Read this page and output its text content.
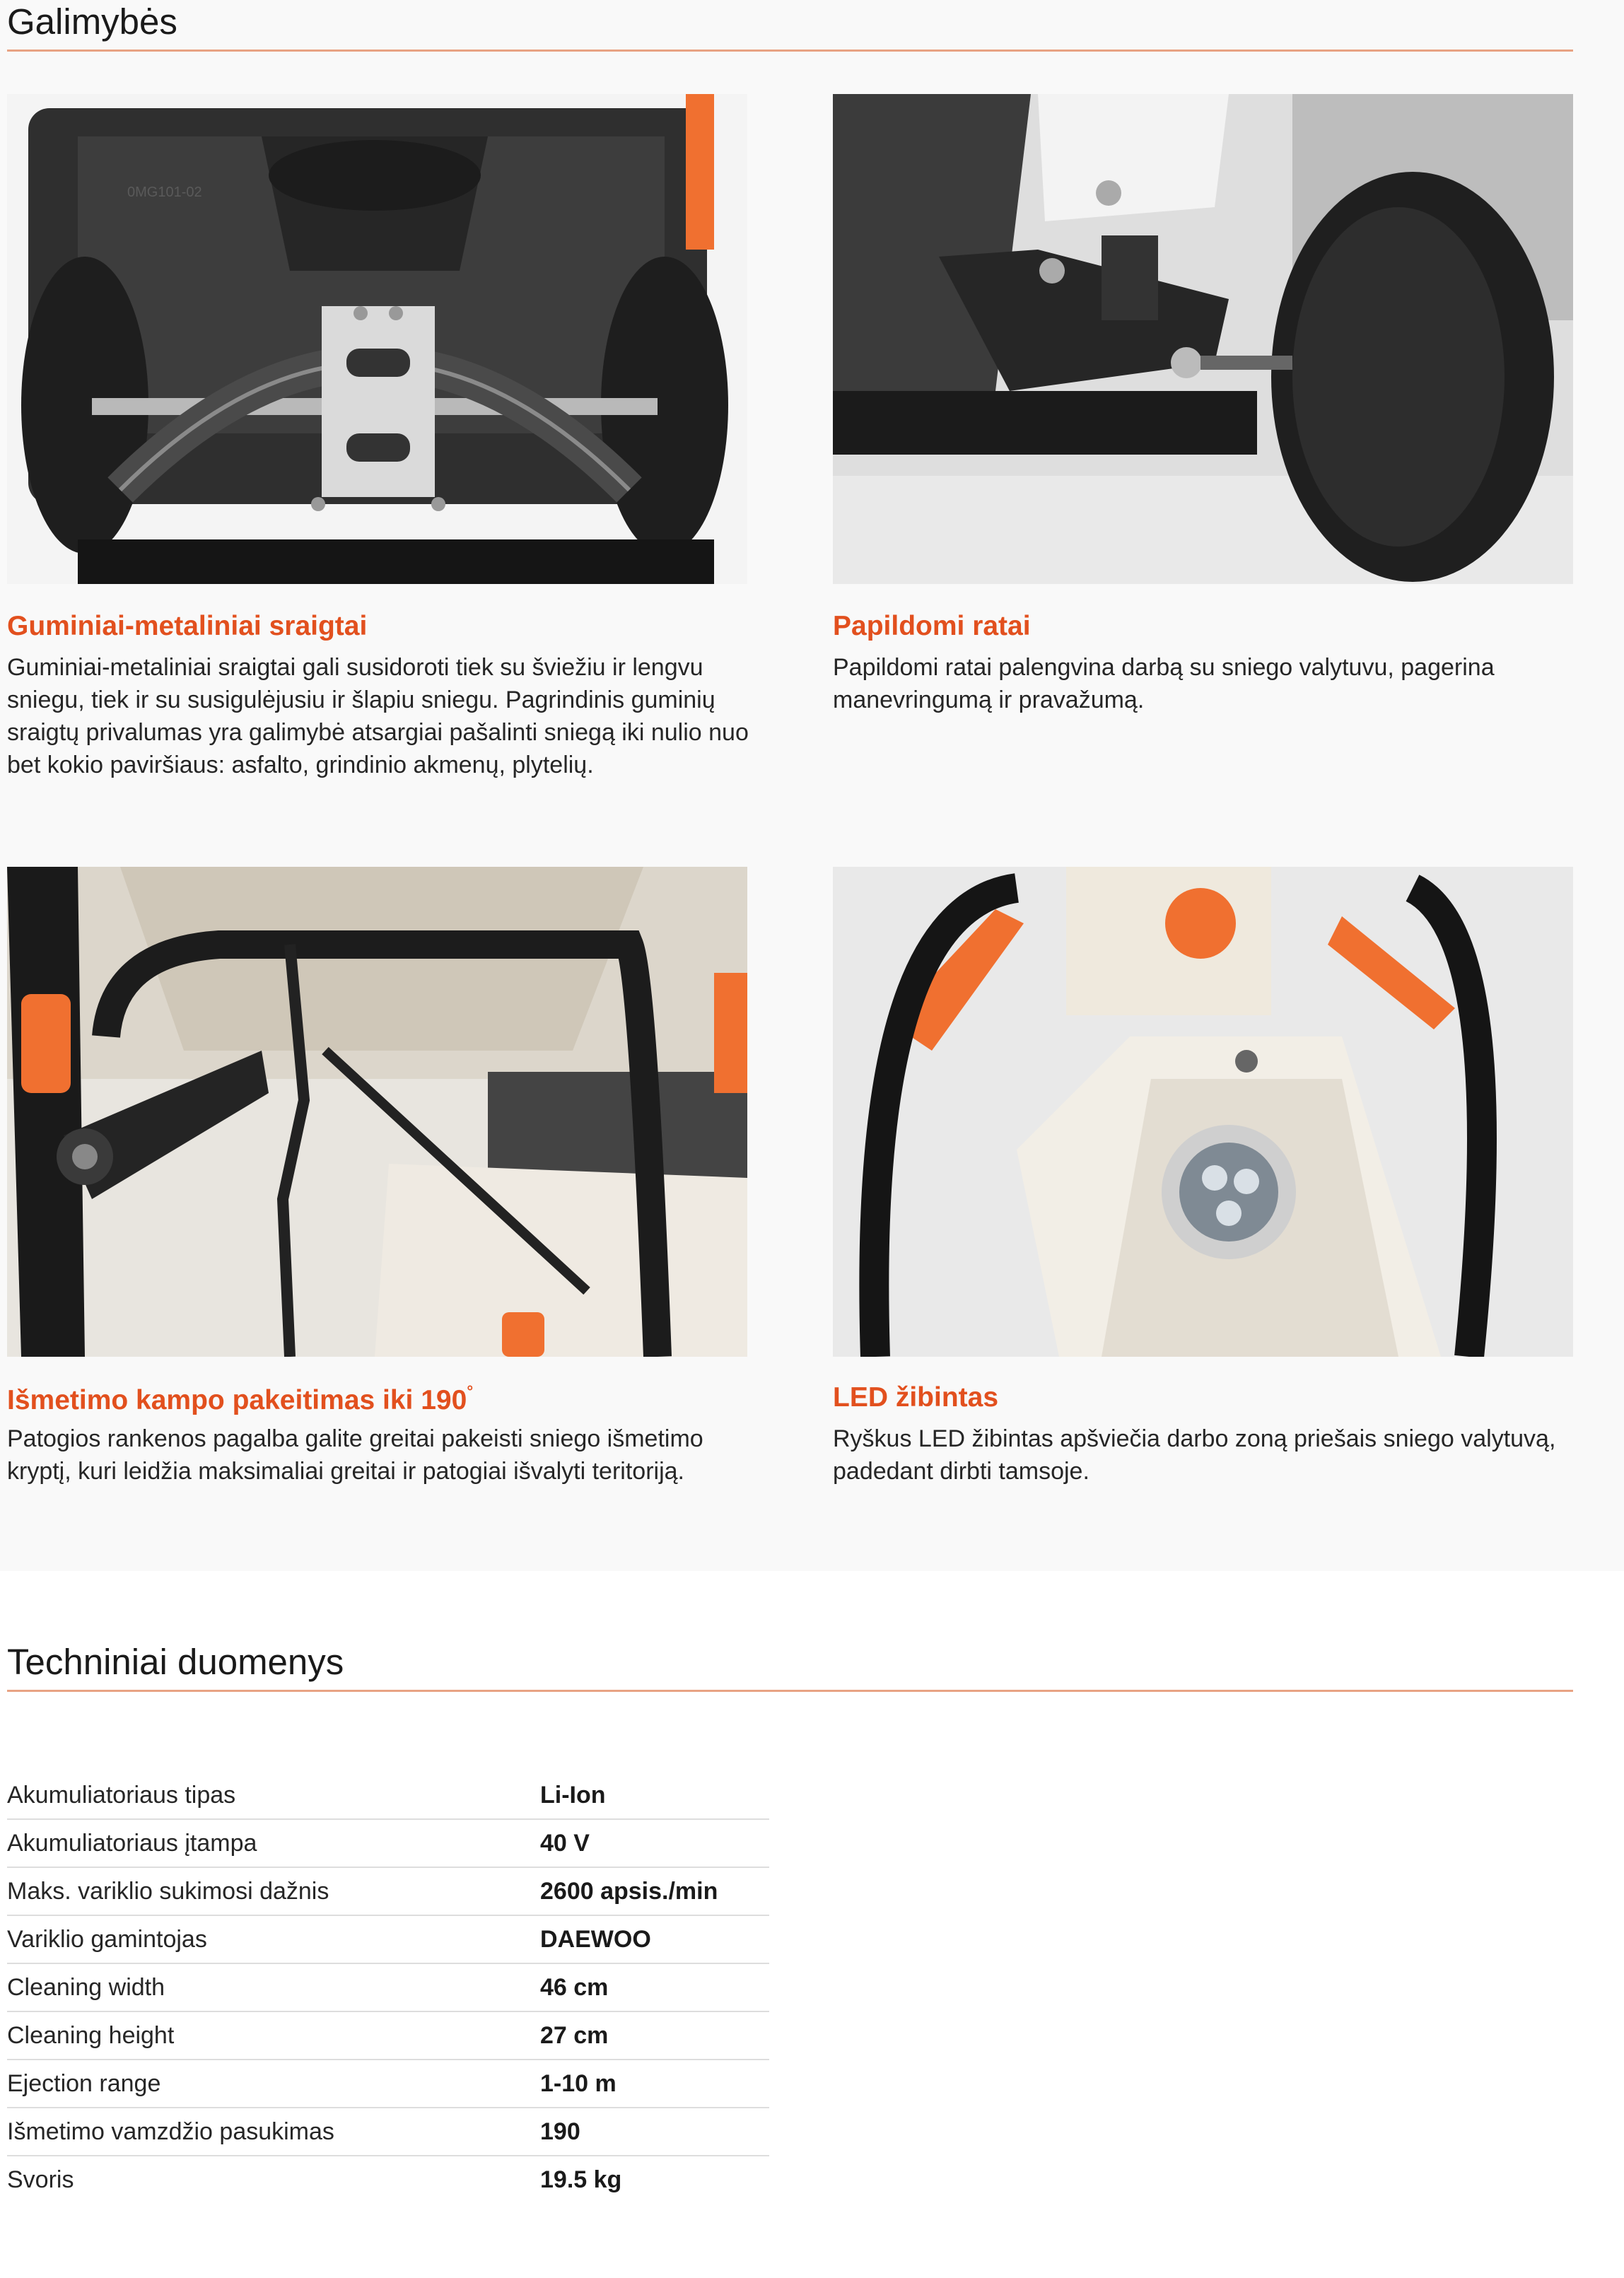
Galimybės
0MG101-02
Guminiai-metaliniai sraigtai

Guminiai-metaliniai sraigtai gali susidoroti tiek su šviežiu ir lengvu sniegu, tiek ir su susigulėjusiu ir šlapiu sniegu. Pagrindinis guminių sraigtų privalumas yra galimybė atsargiai pašalinti sniegą iki nulio nuo bet kokio paviršiaus: asfalto, grindinio akmenų, plytelių.

Papildomi ratai

Papildomi ratai palengvina darbą su sniego valytuvu, pagerina manevringumą ir pravažumą.

Išmetimo kampo pakeitimas iki 190°

Patogios rankenos pagalba galite greitai pakeisti sniego išmetimo kryptį, kuri leidžia maksimaliai greitai ir patogiai išvalyti teritoriją.

LED žibintas

Ryškus LED žibintas apšviečia darbo zoną priešais sniego valytuvą, padedant dirbti tamsoje.

Techniniai duomenys
Akumuliatoriaus tipas	Li-Ion
Akumuliatoriaus įtampa	40 V
Maks. variklio sukimosi dažnis	2600 apsis./min
Variklio gamintojas	DAEWOO
Cleaning width	46 cm
Cleaning height	27 cm
Ejection range	1-10 m
Išmetimo vamzdžio pasukimas	190
Svoris	19.5 kg
